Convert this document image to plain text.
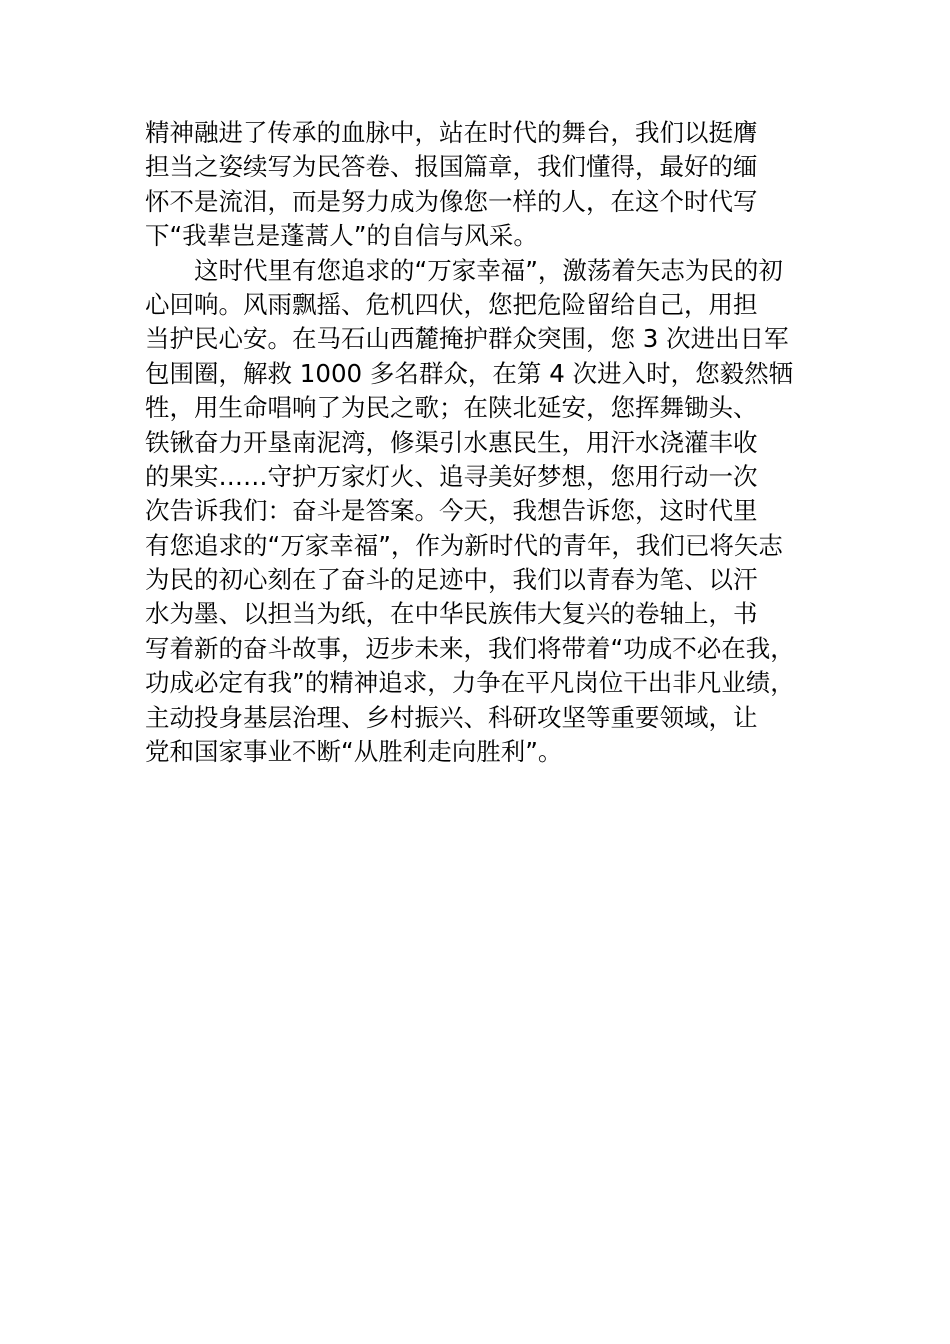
精神融进了传承的血脉中，站在时代的舞台，我们以挺膺
担当之姿续写为民答卷、报国篇章，我们懂得，最好的缅
怀不是流泪，而是努力成为像您一样的人，在这个时代写
下“我辈岂是蓬蒿人”的自信与风采。
这时代里有您追求的“万家幸福”，激荡着矢志为民的初
心回响。风雨飘摇、危机四伏，您把危险留给自己，用担
当护民心安。在马石山西麓掩护群众突围，您 3 次进出日军
包围圈，解救 1000 多名群众，在第 4 次进入时，您毅然牺
牲，用生命唱响了为民之歌；在陕北延安，您挥舞锄头、
铁锹奋力开垦南泥湾，修渠引水惠民生，用汗水浇灌丰收
的果实……守护万家灯火、追寻美好梦想，您用行动一次
次告诉我们：奋斗是答案。今天，我想告诉您，这时代里
有您追求的“万家幸福”，作为新时代的青年，我们已将矢志
为民的初心刻在了奋斗的足迹中，我们以青春为笔、以汗
水为墨、以担当为纸，在中华民族伟大复兴的卷轴上，书
写着新的奋斗故事，迈步未来，我们将带着“功成不必在我，
功成必定有我”的精神追求，力争在平凡岗位干出非凡业绩，
主动投身基层治理、乡村振兴、科研攻坚等重要领域，让
党和国家事业不断“从胜利走向胜利”。
